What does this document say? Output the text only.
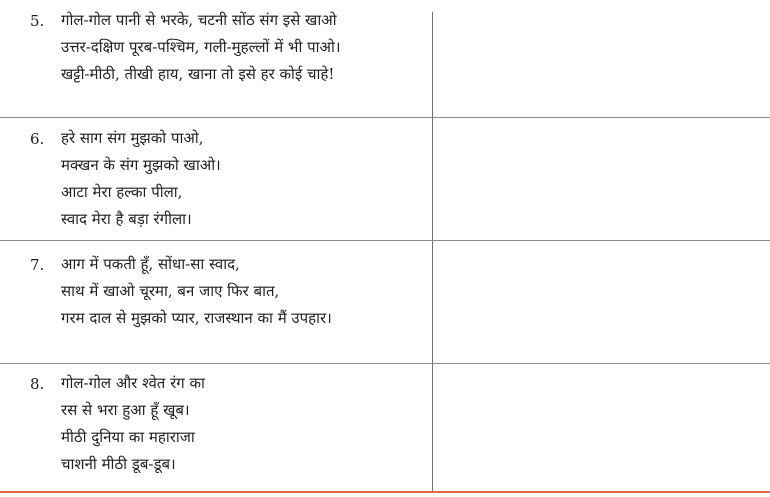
5. गोल-गोल पानी से भरके, चटनी सोंठ संग इसे खाओ
उत्तर-दक्षिण पूरब-पश्चिम, गली-मुहल्लों में भी पाओ।
खट्टी-मीठी, तीखी हाय, खाना तो इसे हर कोई चाहे!
6. हरे साग संग मुझको पाओ,
मक्खन के संग मुझको खाओ।
आटा मेरा हल्का पीला,
स्वाद मेरा है बड़ा रंगीला।
7. आग में पकती हूँ, सोंधा-सा स्वाद,
साथ में खाओ चूरमा, बन जाए फिर बात,
गरम दाल से मुझको प्यार, राजस्थान का मैं उपहार।
8. गोल-गोल और श्वेत रंग का
रस से भरा हुआ हूँ खूब।
मीठी दुनिया का महाराजा
चाशनी मीठी डूब-डूब।
